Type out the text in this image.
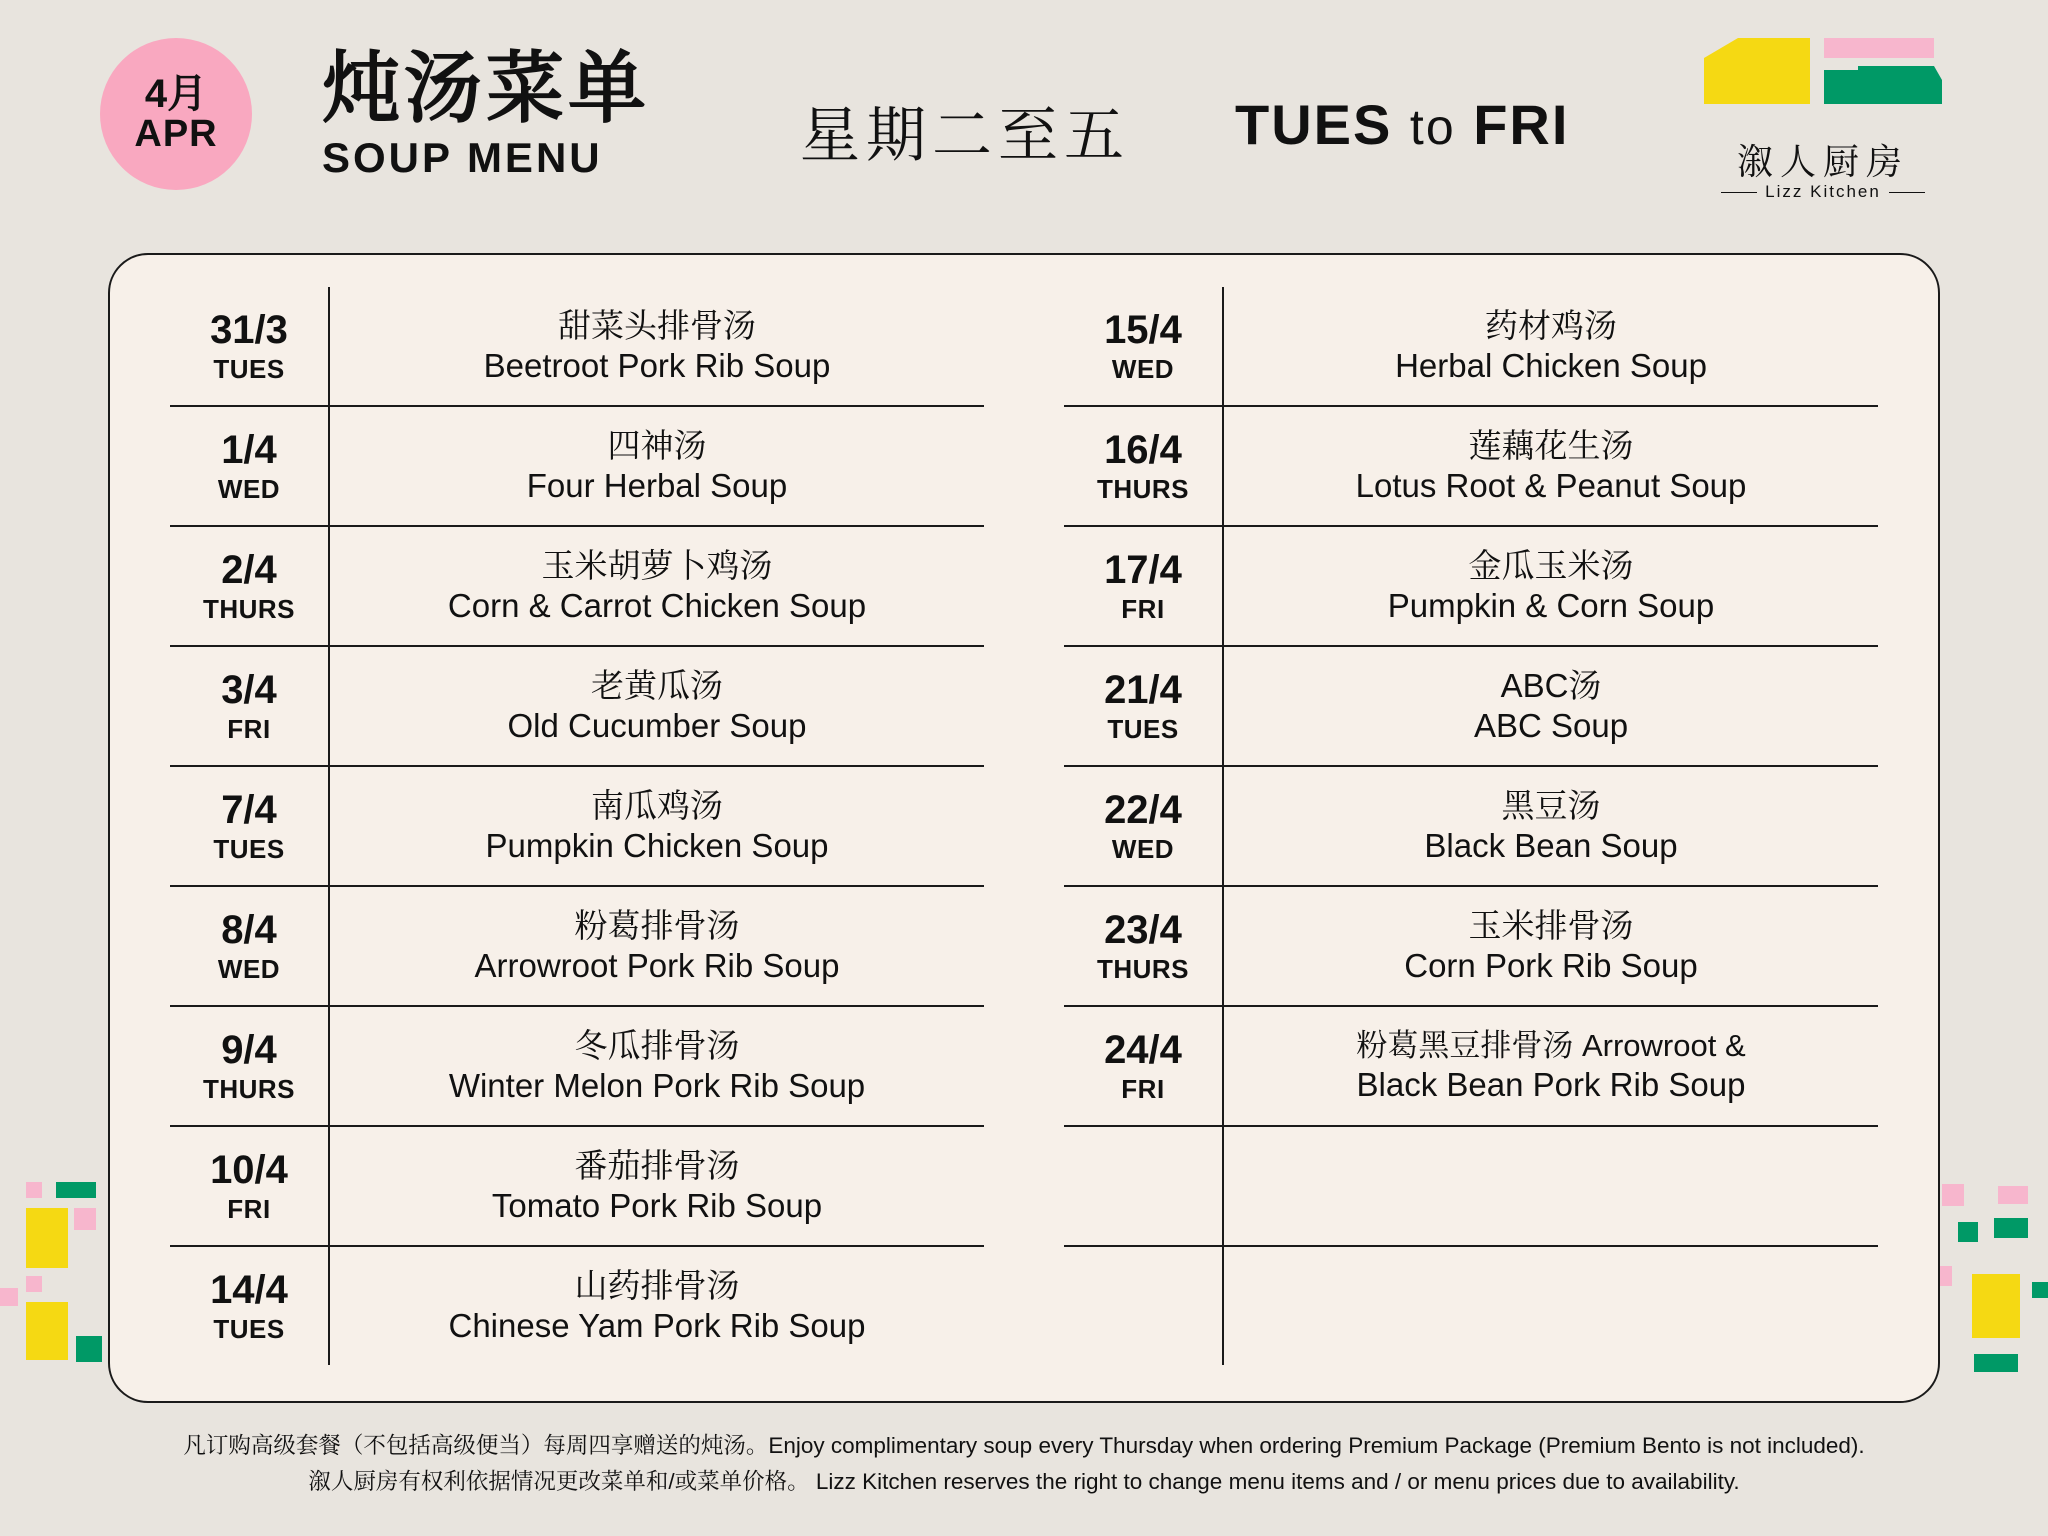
4月
APR
炖汤菜单
SOUP MENU	星期二至五 TUES to FRI
溆人厨房
Lizz Kitchen
31/3
TUES
甜菜头排骨汤
Beetroot Pork Rib Soup
1/4
WED
四神汤
Four Herbal Soup
2/4
THURS
玉米胡萝卜鸡汤
Corn & Carrot Chicken Soup
3/4
FRI
老黄瓜汤
Old Cucumber Soup
7/4
TUES
南瓜鸡汤
Pumpkin Chicken Soup
8/4
WED
粉葛排骨汤
Arrowroot Pork Rib Soup
9/4
THURS
冬瓜排骨汤
Winter Melon Pork Rib Soup
10/4
FRI
番茄排骨汤
Tomato Pork Rib Soup
14/4
TUES
山药排骨汤
Chinese Yam Pork Rib Soup
15/4
WED
药材鸡汤
Herbal Chicken Soup
16/4
THURS
莲藕花生汤
Lotus Root & Peanut Soup
17/4
FRI
金瓜玉米汤
Pumpkin & Corn Soup
21/4
TUES
ABC汤
ABC Soup
22/4
WED
黑豆汤
Black Bean Soup
23/4
THURS
玉米排骨汤
Corn Pork Rib Soup
24/4
FRI
粉葛黑豆排骨汤 Arrowroot &
Black Bean Pork Rib Soup
凡订购高级套餐（不包括高级便当）每周四享赠送的炖汤。Enjoy complimentary soup every Thursday when ordering Premium Package (Premium Bento is not included).
溆人厨房有权利依据情况更改菜单和/或菜单价格。 Lizz Kitchen reserves the right to change menu items and / or menu prices due to availability.
